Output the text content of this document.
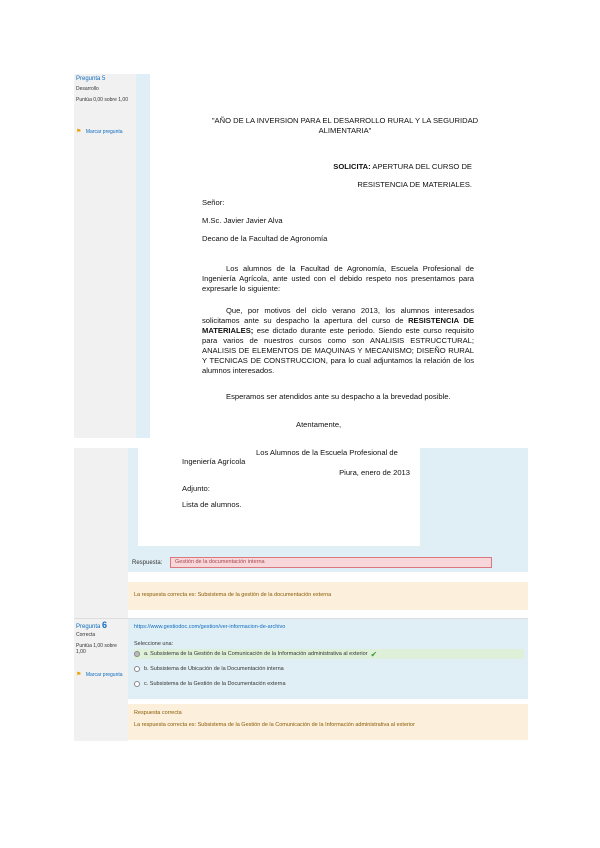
Pregunta 5
Desarrollo
Puntúa 0,00 sobre 1,00
⚑ Marcar pregunta
"AÑO DE LA INVERSION PARA EL DESARROLLO RURAL Y LA SEGURIDAD ALIMENTARIA"
SOLICITA: APERTURA DEL CURSO DE
RESISTENCIA DE MATERIALES.
Señor:
M.Sc. Javier Javier Alva
Decano de la Facultad de Agronomía
Los alumnos de la Facultad de Agronomía, Escuela Profesional de Ingeniería Agrícola, ante usted con el debido respeto nos presentamos para expresarle lo siguiente:
Que, por motivos del ciclo verano 2013, los alumnos interesados solicitamos ante su despacho la apertura del curso de RESISTENCIA DE MATERIALES; ese dictado durante este periodo. Siendo este curso requisito para varios de nuestros cursos como son ANALISIS ESTRUCCTURAL; ANALISIS DE ELEMENTOS DE MAQUINAS Y MECANISMO; DISEÑO RURAL Y TECNICAS DE CONSTRUCCION, para lo cual adjuntamos la relación de los alumnos interesados.
Esperamos ser atendidos ante su despacho a la brevedad posible.
Atentamente,
Respuesta:	Gestión de la documentación interna
Los Alumnos de la Escuela Profesional de
Ingeniería Agrícola
Piura, enero de 2013
Adjunto:
Lista de alumnos.
La respuesta correcta es: Subsistema de la gestión de la documentación externa
Pregunta 6
Correcta
Puntúa 1,00 sobre 1,00
⚑ Marcar pregunta
https://www.gestiodoc.com/gestion/ver-informacion-de-archivo
Seleccione una:
a. Subsistema de la Gestión de la Comunicación de la Información administrativa al exterior ✔
b. Subsistema de Ubicación de la Documentación interna
c. Subsistema de la Gestión de la Documentación externa
Respuesta correcta
La respuesta correcta es: Subsistema de la Gestión de la Comunicación de la Información administrativa al exterior
